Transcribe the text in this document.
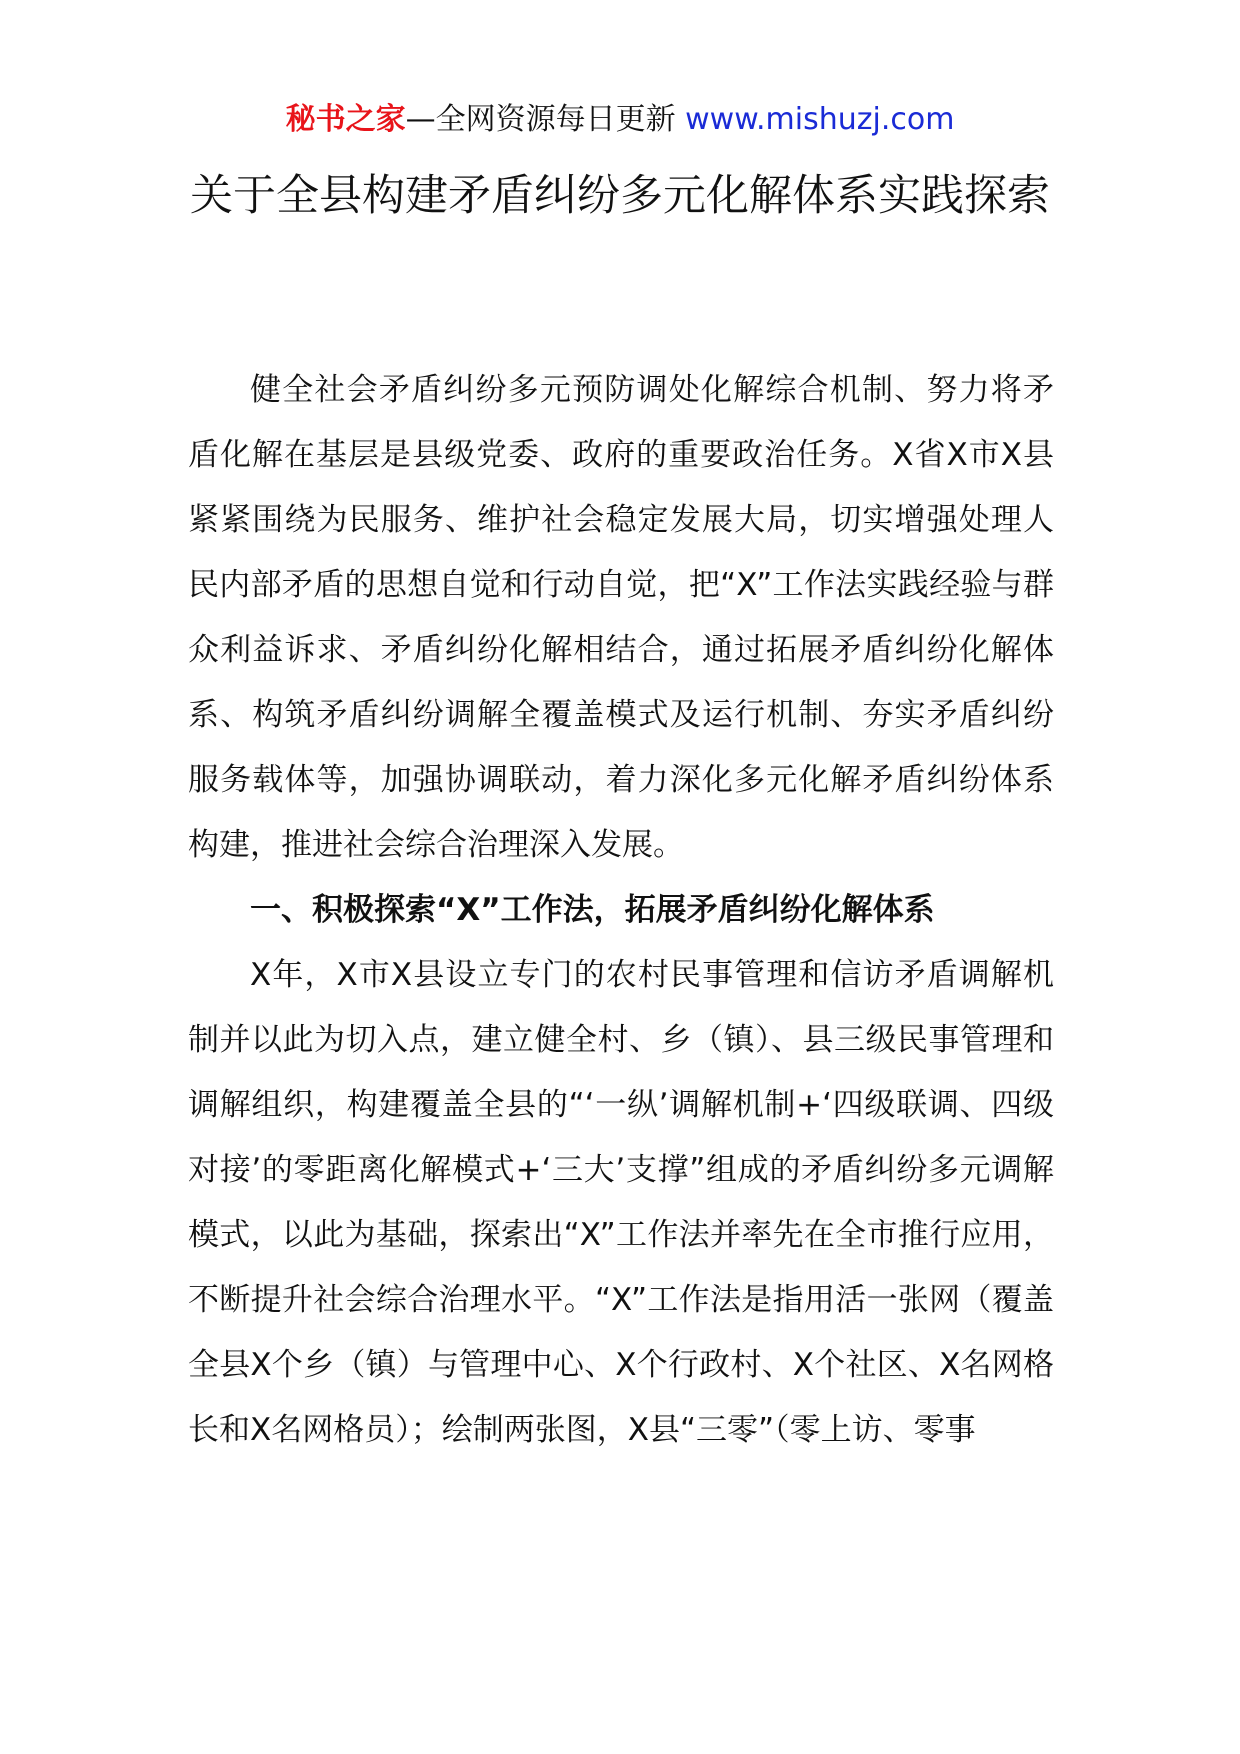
秘书之家—全网资源每日更新 www.mishuzj.com
关于全县构建矛盾纠纷多元化解体系实践探索

健全社会矛盾纠纷多元预防调处化解综合机制、努力将矛盾化解在基层是县级党委、政府的重要政治任务。X省X市X县紧紧围绕为民服务、维护社会稳定发展大局，切实增强处理人民内部矛盾的思想自觉和行动自觉，把“X”工作法实践经验与群众利益诉求、矛盾纠纷化解相结合，通过拓展矛盾纠纷化解体系、构筑矛盾纠纷调解全覆盖模式及运行机制、夯实矛盾纠纷服务载体等，加强协调联动，着力深化多元化解矛盾纠纷体系构建，推进社会综合治理深入发展。

一、积极探索“X”工作法，拓展矛盾纠纷化解体系

X年，X市X县设立专门的农村民事管理和信访矛盾调解机制并以此为切入点，建立健全村、乡（镇）、县三级民事管理和调解组织，构建覆盖全县的“‘一纵’调解机制+‘四级联调、四级对接’的零距离化解模式+‘三大’支撑”组成的矛盾纠纷多元调解模式，以此为基础，探索出“X”工作法并率先在全市推行应用，不断提升社会综合治理水平。“X”工作法是指用活一张网（覆盖全县X个乡（镇）与管理中心、X个行政村、X个社区、X名网格长和X名网格员）；绘制两张图，X县“三零”（零上访、零事
